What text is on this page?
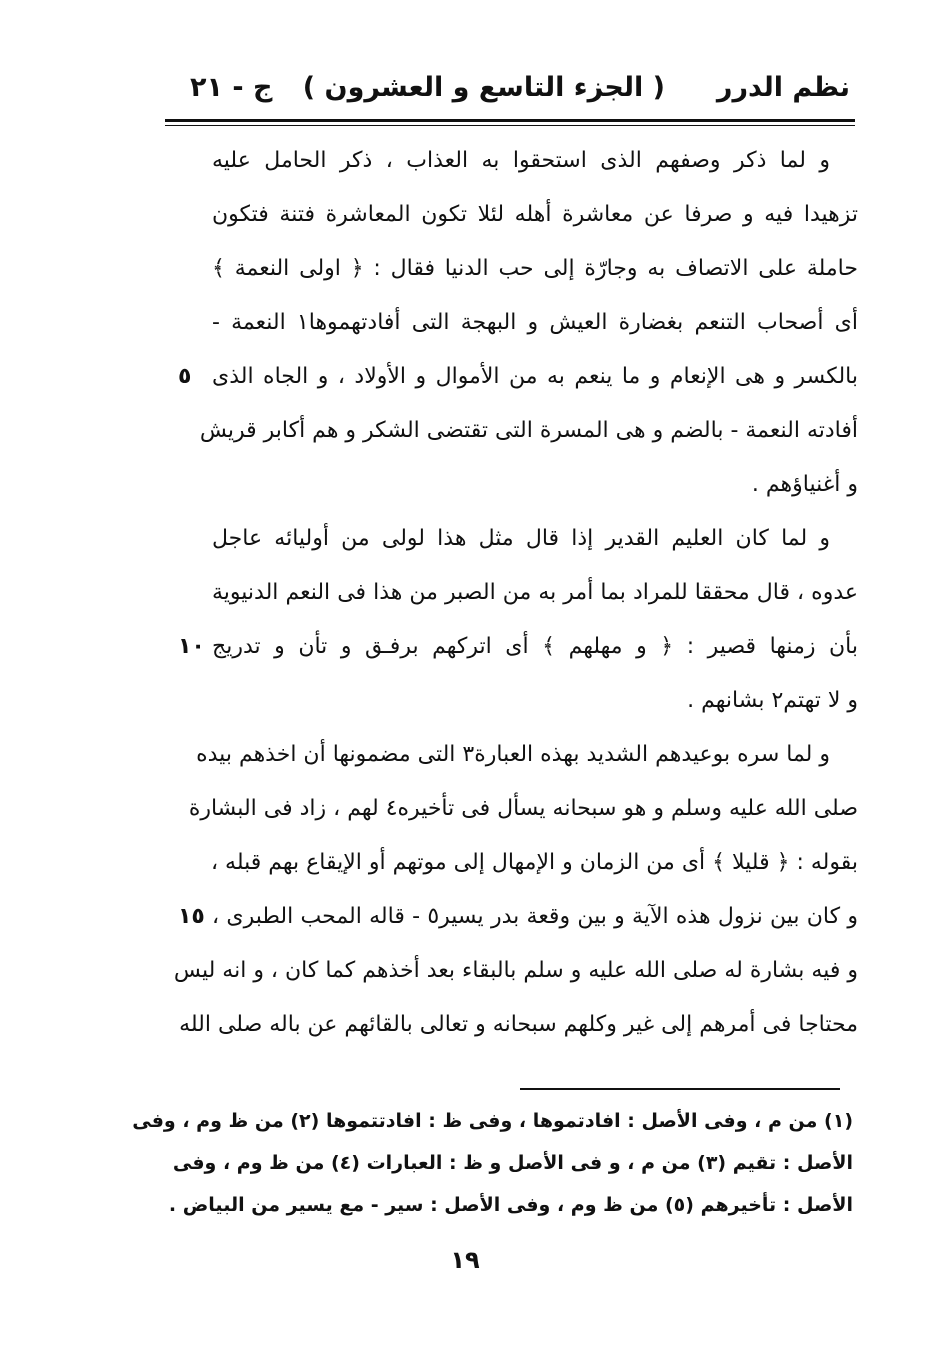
نظم الدرر
( الجزء التاسع و العشرون )
ج - ٢١
و لما ذكر وصفهم الذى استحقوا به العذاب ، ذكر الحامل عليه
تزهيدا فيه و صرفا عن معاشرة أهله لئلا تكون المعاشرة فتنة فتكون
حاملة على الاتصاف به وجارّة إلى حب الدنيا فقال : ﴿ اولى النعمة ﴾
أى أصحاب التنعم بغضارة العيش و البهجة التى أفادتهموها١ النعمة -
بالكسر و هى الإنعام و ما ينعم به من الأموال و الأولاد ، و الجاه الذى
٥
أفادته النعمة - بالضم و هى المسرة التى تقتضى الشكر و هم أكابر قريش
و أغنياؤهم .
و لما كان العليم القدير إذا قال مثل هذا لولى من أوليائه عاجل
عدوه ، قال محققا للمراد بما أمر به من الصبر من هذا فى النعم الدنيوية
بأن زمنها قصير : ﴿ و مهلهم ﴾ أى اتركهم برفـق و تأن و تدريج
١٠
و لا تهتم٢ بشانهم .
و لما سره بوعيدهم الشديد بهذه العبارة٣ التى مضمونها أن اخذهم بيده
صلى الله عليه وسلم و هو سبحانه يسأل فى تأخيره٤ لهم ، زاد فى البشارة
بقوله : ﴿ قليلا ﴾ أى من الزمان و الإمهال إلى موتهم أو الإيقاع بهم قبله ،
و كان بين نزول هذه الآية و بين وقعة بدر يسير٥ - قاله المحب الطبرى ،
١٥
و فيه بشارة له صلى الله عليه و سلم بالبقاء بعد أخذهم كما كان ، و انه ليس
محتاجا فى أمرهم إلى غير وكلهم سبحانه و تعالى بالقائهم عن باله صلى الله
(١) من م ، وفى الأصل : افادتموها ، وفى ظ : افادتتموها (٢) من ظ وم ، وفى
الأصل : تقيم (٣) من م ، و فى الأصل و ظ : العبارات (٤) من ظ وم ، وفى
الأصل : تأخيرهم (٥) من ظ وم ، وفى الأصل : سير - مع يسير من البياض .
١٩
